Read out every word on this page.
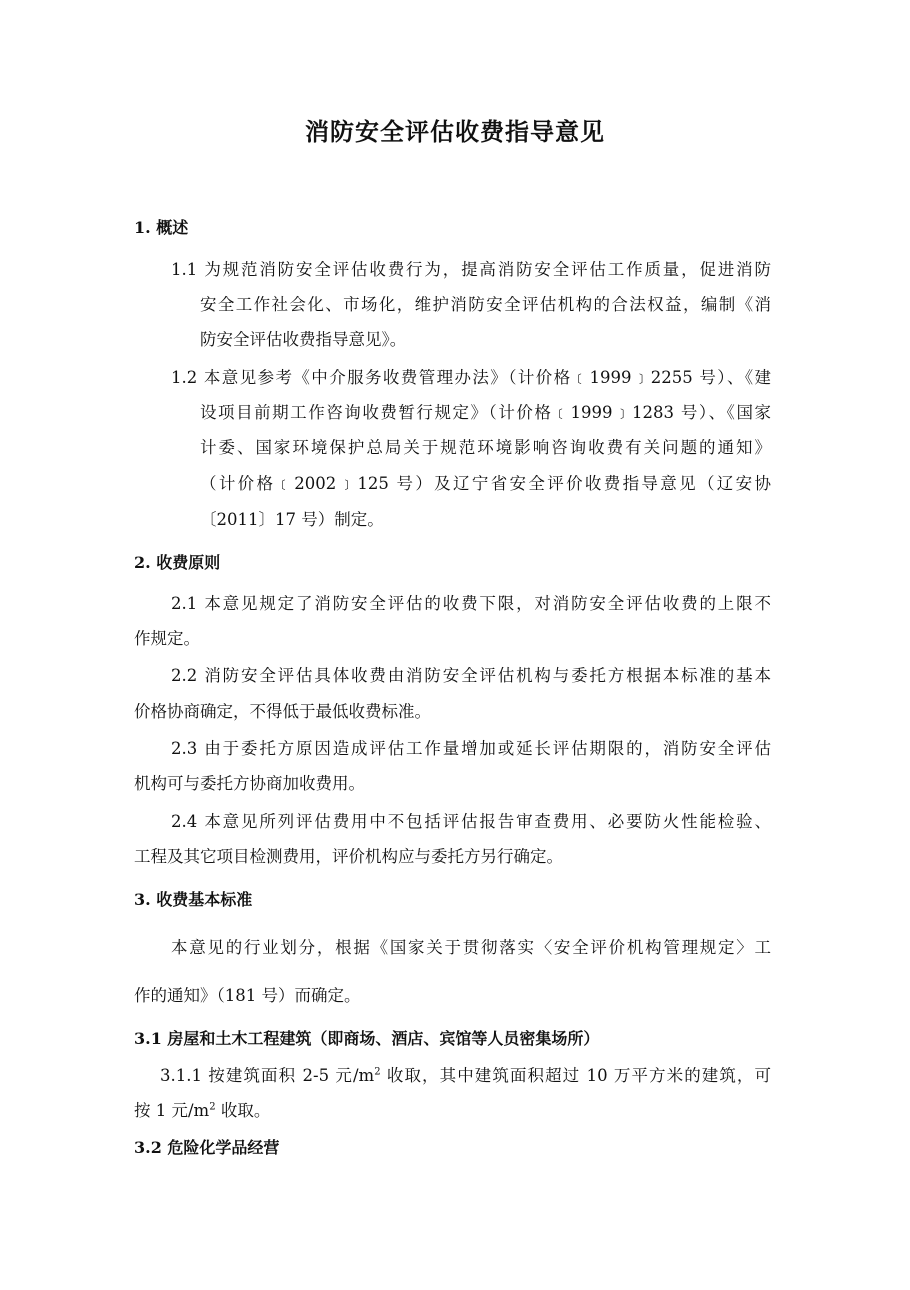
消防安全评估收费指导意见
1. 概述
1.1 为规范消防安全评估收费行为，提高消防安全评估工作质量，促进消防
安全工作社会化、市场化，维护消防安全评估机构的合法权益，编制《消
防安全评估收费指导意见》。
1.2 本意见参考《中介服务收费管理办法》（计价格﹝1999﹞2255 号）、《建
设项目前期工作咨询收费暂行规定》（计价格﹝1999﹞1283 号）、《国家
计委、国家环境保护总局关于规范环境影响咨询收费有关问题的通知》
（计价格﹝2002﹞125 号）及辽宁省安全评价收费指导意见（辽安协
〔2011〕17 号）制定。
2. 收费原则
2.1 本意见规定了消防安全评估的收费下限，对消防安全评估收费的上限不
作规定。
2.2 消防安全评估具体收费由消防安全评估机构与委托方根据本标准的基本
价格协商确定，不得低于最低收费标准。
2.3 由于委托方原因造成评估工作量增加或延长评估期限的，消防安全评估
机构可与委托方协商加收费用。
2.4 本意见所列评估费用中不包括评估报告审查费用、必要防火性能检验、
工程及其它项目检测费用，评价机构应与委托方另行确定。
3. 收费基本标准
本意见的行业划分，根据《国家关于贯彻落实〈安全评价机构管理规定〉工
作的通知》（181 号）而确定。
3.1 房屋和土木工程建筑（即商场、酒店、宾馆等人员密集场所）
3.1.1 按建筑面积 2-5 元$/m^2$ 收取，其中建筑面积超过 10 万平方米的建筑，可
按 1 元$/m^2$ 收取。
3.2 危险化学品经营
